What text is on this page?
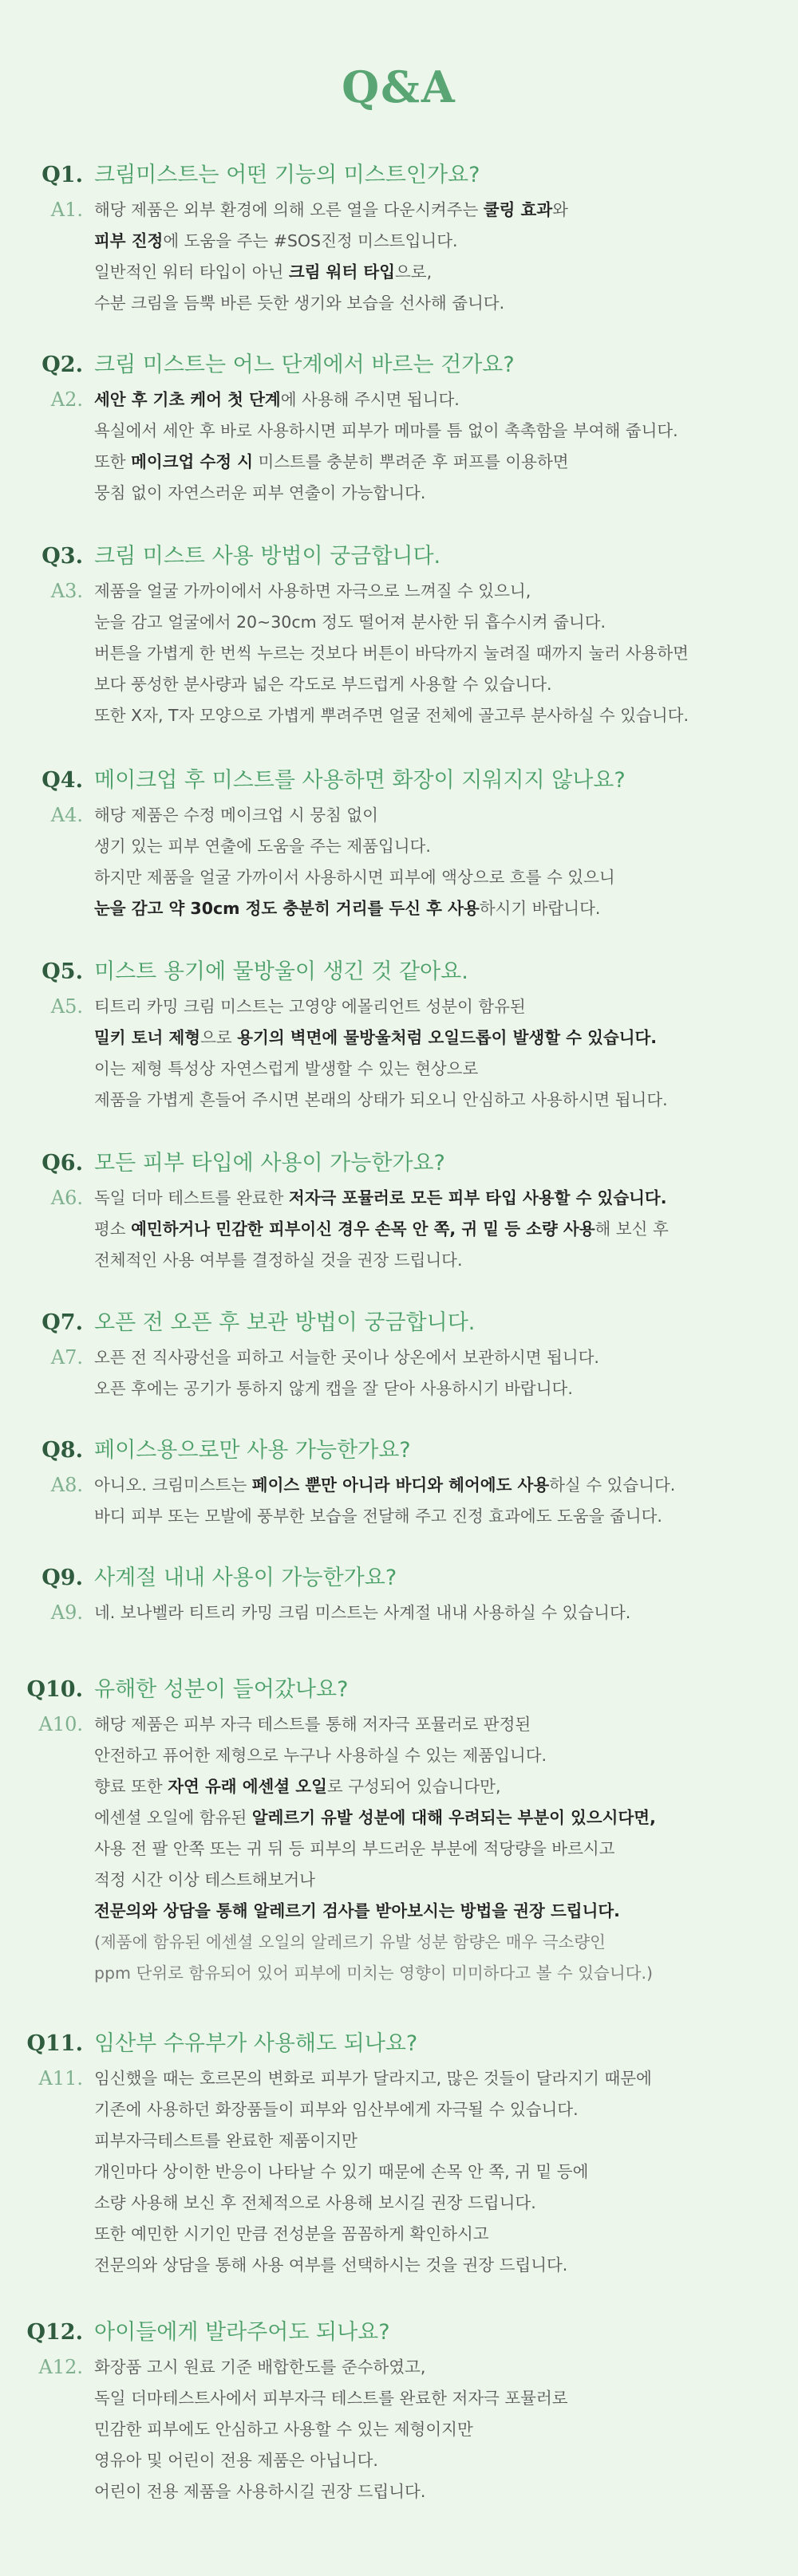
Q&A
Q1. 크림미스트는 어떤 기능의 미스트인가요?
A1. 해당 제품은 외부 환경에 의해 오른 열을 다운시켜주는 쿨링 효과와
피부 진정에 도움을 주는 #SOS진정 미스트입니다.
일반적인 워터 타입이 아닌 크림 워터 타입으로,
수분 크림을 듬뿍 바른 듯한 생기와 보습을 선사해 줍니다.
Q2. 크림 미스트는 어느 단계에서 바르는 건가요?
A2. 세안 후 기초 케어 첫 단계에 사용해 주시면 됩니다.
욕실에서 세안 후 바로 사용하시면 피부가 메마를 틈 없이 촉촉함을 부여해 줍니다.
또한 메이크업 수정 시 미스트를 충분히 뿌려준 후 퍼프를 이용하면
뭉침 없이 자연스러운 피부 연출이 가능합니다.
Q3. 크림 미스트 사용 방법이 궁금합니다.
A3. 제품을 얼굴 가까이에서 사용하면 자극으로 느껴질 수 있으니,
눈을 감고 얼굴에서 20~30cm 정도 떨어져 분사한 뒤 흡수시켜 줍니다.
버튼을 가볍게 한 번씩 누르는 것보다 버튼이 바닥까지 눌려질 때까지 눌러 사용하면
보다 풍성한 분사량과 넓은 각도로 부드럽게 사용할 수 있습니다.
또한 X자, T자 모양으로 가볍게 뿌려주면 얼굴 전체에 골고루 분사하실 수 있습니다.
Q4. 메이크업 후 미스트를 사용하면 화장이 지워지지 않나요?
A4. 해당 제품은 수정 메이크업 시 뭉침 없이
생기 있는 피부 연출에 도움을 주는 제품입니다.
하지만 제품을 얼굴 가까이서 사용하시면 피부에 액상으로 흐를 수 있으니
눈을 감고 약 30cm 정도 충분히 거리를 두신 후 사용하시기 바랍니다.
Q5. 미스트 용기에 물방울이 생긴 것 같아요.
A5. 티트리 카밍 크림 미스트는 고영양 에몰리언트 성분이 함유된
밀키 토너 제형으로 용기의 벽면에 물방울처럼 오일드롭이 발생할 수 있습니다.
이는 제형 특성상 자연스럽게 발생할 수 있는 현상으로
제품을 가볍게 흔들어 주시면 본래의 상태가 되오니 안심하고 사용하시면 됩니다.
Q6. 모든 피부 타입에 사용이 가능한가요?
A6. 독일 더마 테스트를 완료한 저자극 포뮬러로 모든 피부 타입 사용할 수 있습니다.
평소 예민하거나 민감한 피부이신 경우 손목 안 쪽, 귀 밑 등 소량 사용해 보신 후
전체적인 사용 여부를 결정하실 것을 권장 드립니다.
Q7. 오픈 전 오픈 후 보관 방법이 궁금합니다.
A7. 오픈 전 직사광선을 피하고 서늘한 곳이나 상온에서 보관하시면 됩니다.
오픈 후에는 공기가 통하지 않게 캡을 잘 닫아 사용하시기 바랍니다.
Q8. 페이스용으로만 사용 가능한가요?
A8. 아니오. 크림미스트는 페이스 뿐만 아니라 바디와 헤어에도 사용하실 수 있습니다.
바디 피부 또는 모발에 풍부한 보습을 전달해 주고 진정 효과에도 도움을 줍니다.
Q9. 사계절 내내 사용이 가능한가요?
A9. 네. 보나벨라 티트리 카밍 크림 미스트는 사계절 내내 사용하실 수 있습니다.
Q10. 유해한 성분이 들어갔나요?
A10. 해당 제품은 피부 자극 테스트를 통해 저자극 포뮬러로 판정된
안전하고 퓨어한 제형으로 누구나 사용하실 수 있는 제품입니다.
향료 또한 자연 유래 에센셜 오일로 구성되어 있습니다만,
에센셜 오일에 함유된 알레르기 유발 성분에 대해 우려되는 부분이 있으시다면,
사용 전 팔 안쪽 또는 귀 뒤 등 피부의 부드러운 부분에 적당량을 바르시고
적정 시간 이상 테스트해보거나
전문의와 상담을 통해 알레르기 검사를 받아보시는 방법을 권장 드립니다.
(제품에 함유된 에센셜 오일의 알레르기 유발 성분 함량은 매우 극소량인
ppm 단위로 함유되어 있어 피부에 미치는 영향이 미미하다고 볼 수 있습니다.)
Q11. 임산부 수유부가 사용해도 되나요?
A11. 임신했을 때는 호르몬의 변화로 피부가 달라지고, 많은 것들이 달라지기 때문에
기존에 사용하던 화장품들이 피부와 임산부에게 자극될 수 있습니다.
피부자극테스트를 완료한 제품이지만
개인마다 상이한 반응이 나타날 수 있기 때문에 손목 안 쪽, 귀 밑 등에
소량 사용해 보신 후 전체적으로 사용해 보시길 권장 드립니다.
또한 예민한 시기인 만큼 전성분을 꼼꼼하게 확인하시고
전문의와 상담을 통해 사용 여부를 선택하시는 것을 권장 드립니다.
Q12. 아이들에게 발라주어도 되나요?
A12. 화장품 고시 원료 기준 배합한도를 준수하였고,
독일 더마테스트사에서 피부자극 테스트를 완료한 저자극 포뮬러로
민감한 피부에도 안심하고 사용할 수 있는 제형이지만
영유아 및 어린이 전용 제품은 아닙니다.
어린이 전용 제품을 사용하시길 권장 드립니다.
